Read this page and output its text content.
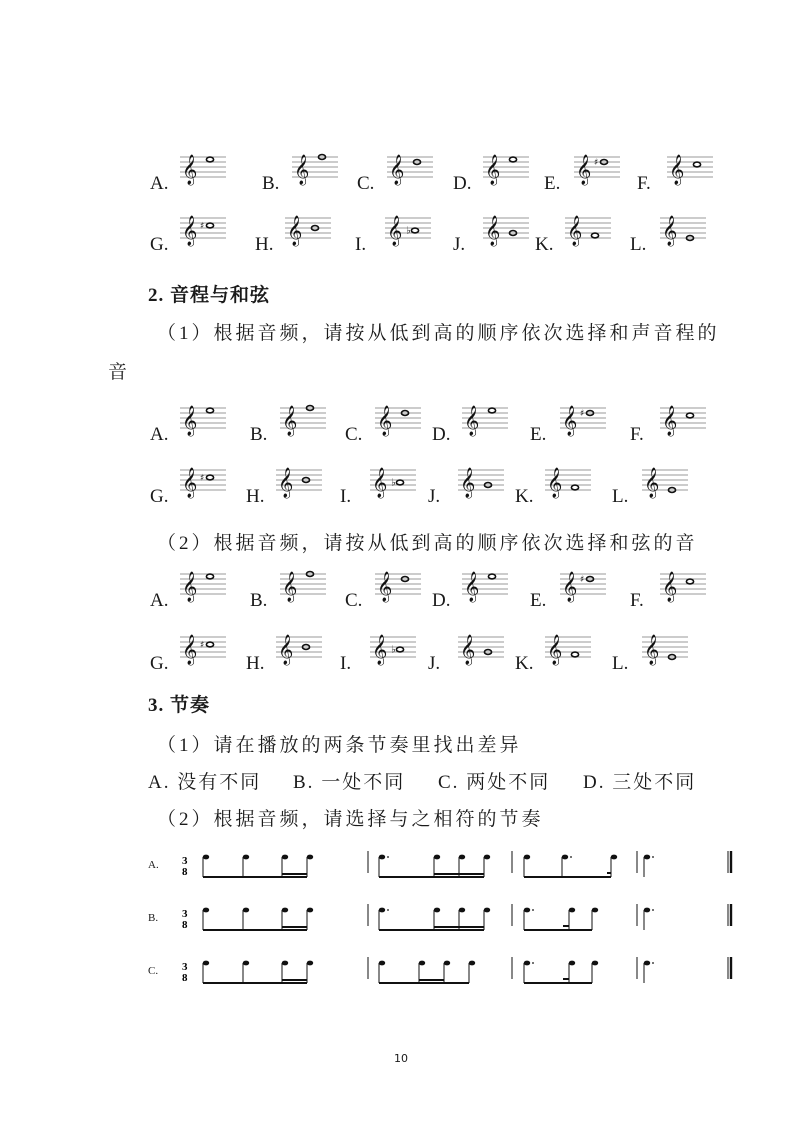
A. 𝄞	B. 𝄞	C. 𝄞	D. 𝄞 E. 𝄞 ♯
F. 𝄞
G. 𝄞 ♯
H. 𝄞	I. 𝄞 ♭
J. 𝄞 K. 𝄞	L. 𝄞
2. 音程与和弦
（1）根据音频，请按从低到高的顺序依次选择和声音程的
音
A. 𝄞	B. 𝄞	C. 𝄞 D. 𝄞	E. 𝄞 ♯
F. 𝄞
（2）根据音频，请按从低到高的顺序依次选择和弦的音
G. 𝄞 ♯
H. 𝄞 I. 𝄞 ♭
J. 𝄞 K. 𝄞	L. 𝄞
A. 𝄞	B. 𝄞	C. 𝄞 D. 𝄞	E. 𝄞 ♯
F. 𝄞
G. 𝄞 ♯
H. 𝄞 I. 𝄞 ♭
J. 𝄞 K. 𝄞	L. 𝄞
3. 节奏
（1）请在播放的两条节奏里找出差异
A. 没有不同 B. 一处不同 C. 两处不同 D. 三处不同
（2）根据音频，请选择与之相符的节奏
A. 3
8
B. 3
8
C. 3
8
10
